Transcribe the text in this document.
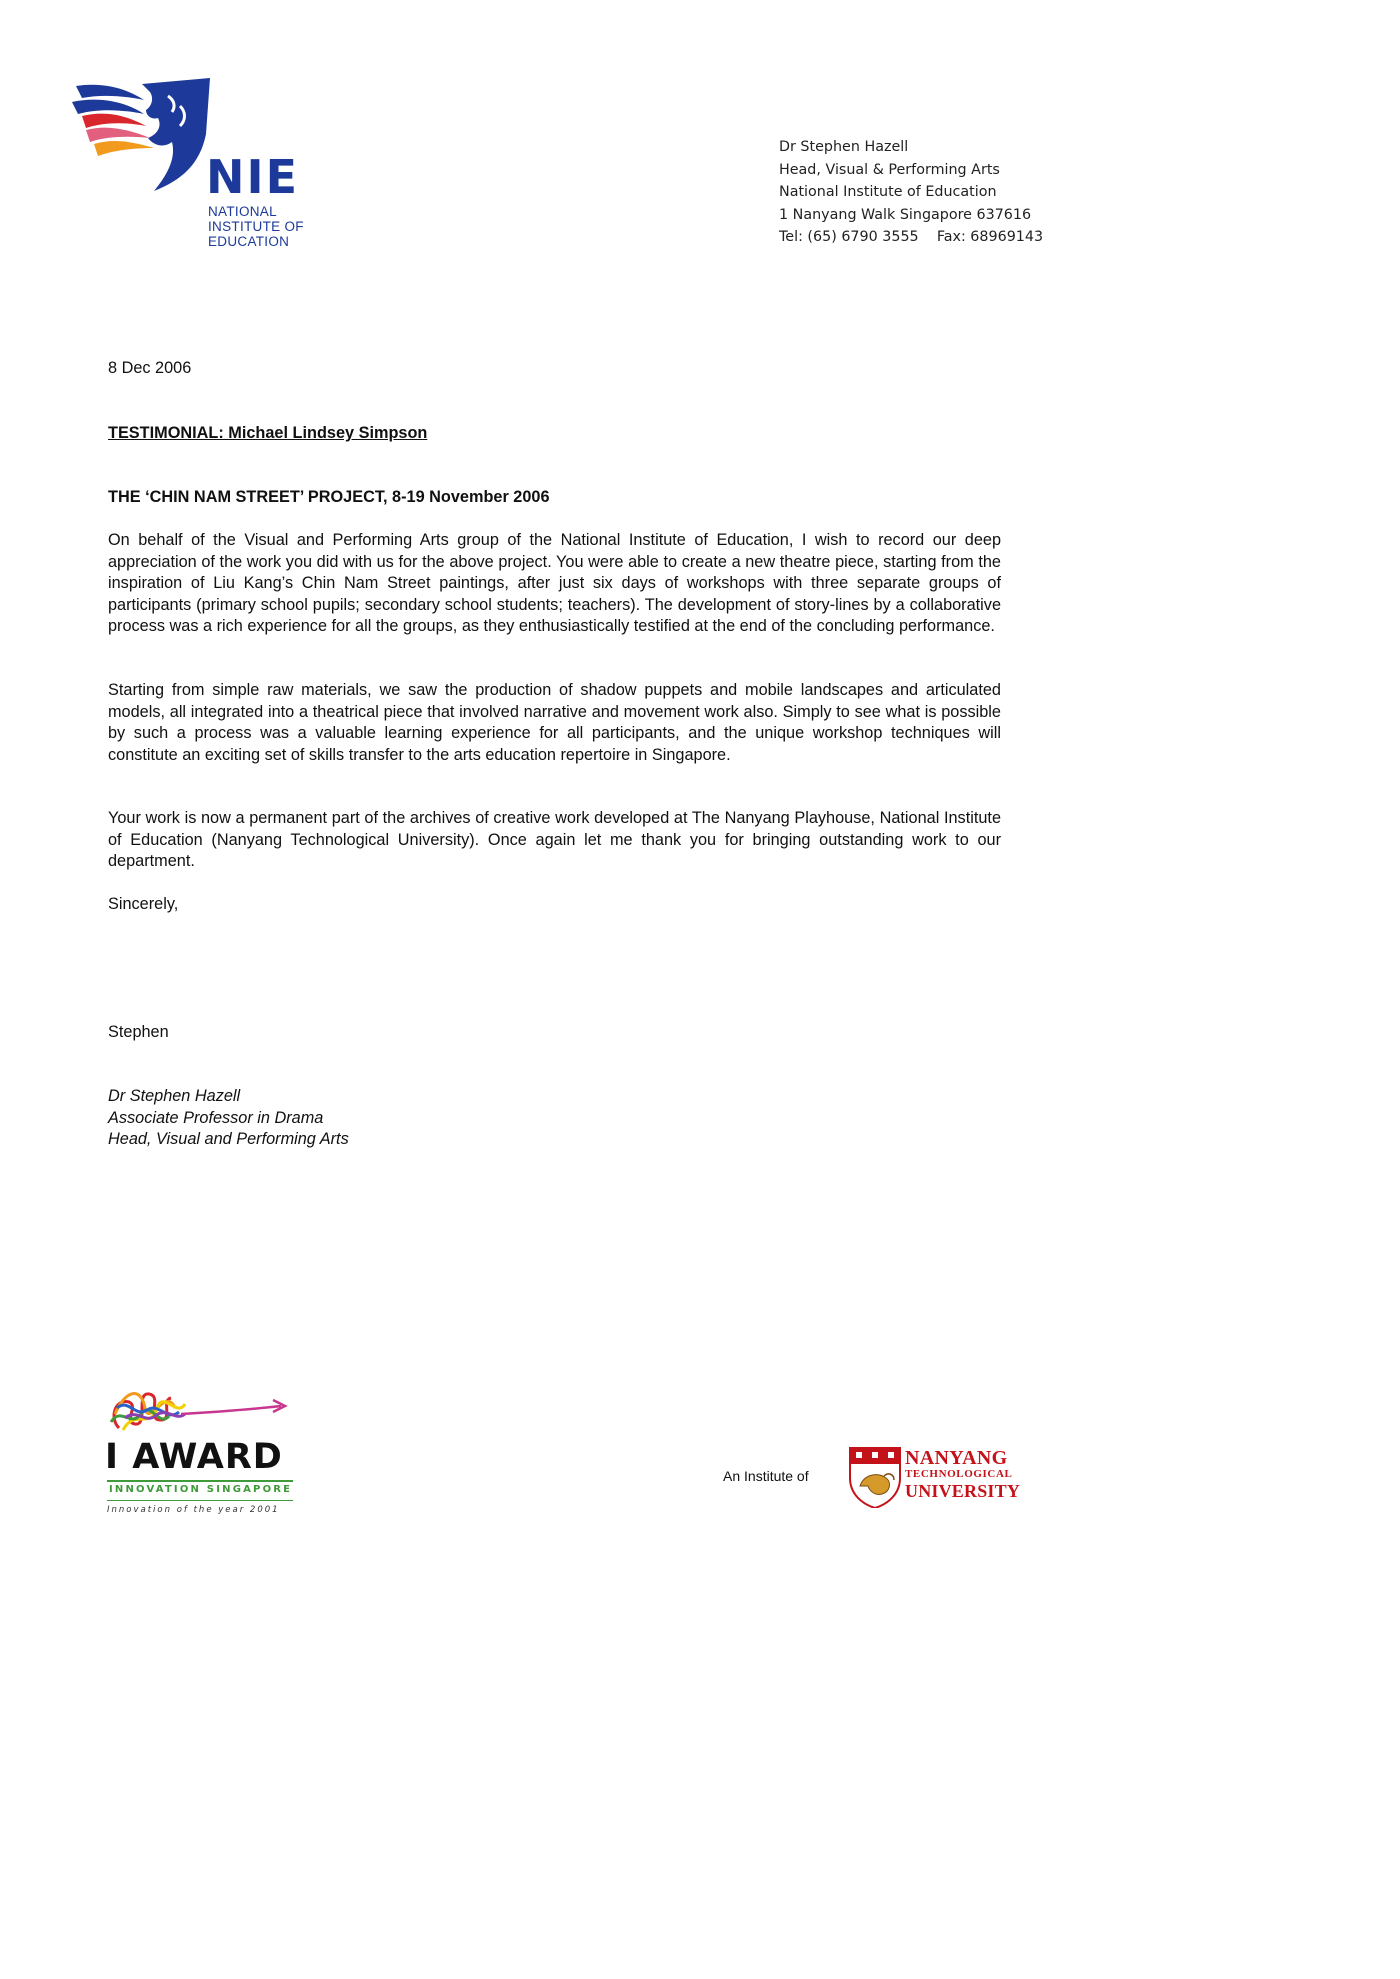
NIE
NATIONAL
INSTITUTE OF
EDUCATION
Dr Stephen Hazell
Head, Visual & Performing Arts
National Institute of Education
1 Nanyang Walk Singapore 637616
Tel: (65) 6790 3555    Fax: 68969143
8 Dec 2006
TESTIMONIAL: Michael Lindsey Simpson
THE ‘CHIN NAM STREET’ PROJECT, 8-19 November 2006
On behalf of the Visual and Performing Arts group of the National Institute of Education, I wish to record our deep appreciation of the work you did with us for the above project. You were able to create a new theatre piece, starting from the inspiration of Liu Kang’s Chin Nam Street paintings, after just six days of workshops with three separate groups of participants (primary school pupils; secondary school students; teachers). The development of story-lines by a collaborative process was a rich experience for all the groups, as they enthusiastically testified at the end of the concluding performance.
Starting from simple raw materials, we saw the production of shadow puppets and mobile landscapes and articulated models, all integrated into a theatrical piece that involved narrative and movement work also. Simply to see what is possible by such a process was a valuable learning experience for all participants, and the unique workshop techniques will constitute an exciting set of skills transfer to the arts education repertoire in Singapore.
Your work is now a permanent part of the archives of creative work developed at The Nanyang Playhouse, National Institute of Education (Nanyang Technological University). Once again let me thank you for bringing outstanding work to our department.
Sincerely,
Stephen
Dr Stephen Hazell
Associate Professor in Drama
Head, Visual and Performing Arts
I AWARD
INNOVATION SINGAPORE
Innovation of the year 2001
An Institute of
NANYANG
TECHNOLOGICAL
UNIVERSITY
